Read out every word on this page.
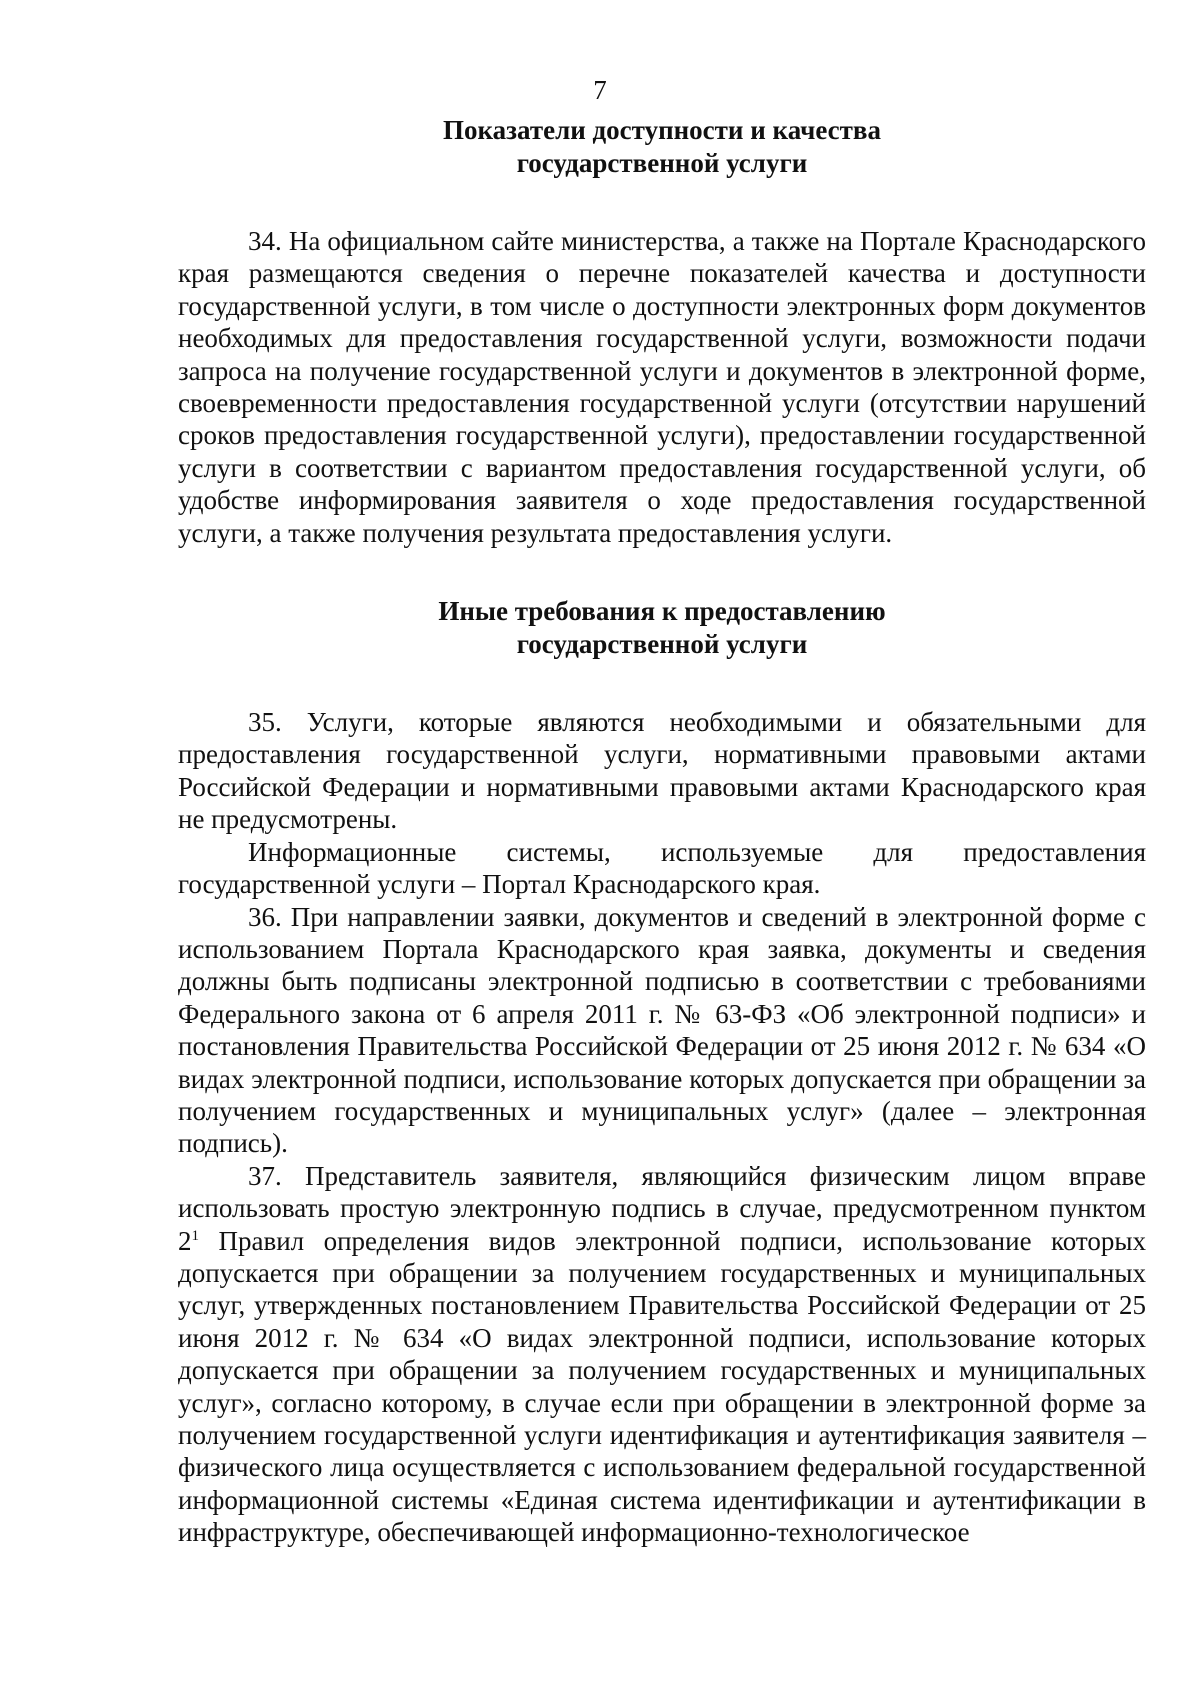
7
Показатели доступности и качества
государственной услуги

34. На официальном сайте министерства, а также на Портале Краснодарского края размещаются сведения о перечне показателей качества и доступности государственной услуги, в том числе о доступности электронных форм документов необходимых для предоставления государственной услуги, возможности подачи запроса на получение государственной услуги и документов в электронной форме, своевременности предоставления государственной услуги (отсутствии нарушений сроков предоставления государственной услуги), предоставлении государственной услуги в соответствии с вариантом предоставления государственной услуги, об удобстве информирования заявителя о ходе предоставления государственной услуги, а также получения результата предоставления услуги.

Иные требования к предоставлению
государственной услуги

35. Услуги, которые являются необходимыми и обязательными для предоставления государственной услуги, нормативными правовыми актами Российской Федерации и нормативными правовыми актами Краснодарского края не предусмотрены.

Информационные системы, используемые для предоставления государственной услуги – Портал Краснодарского края.

36. При направлении заявки, документов и сведений в электронной форме с использованием Портала Краснодарского края заявка, документы и сведения должны быть подписаны электронной подписью в соответствии с требованиями Федерального закона от 6 апреля 2011 г. № 63-ФЗ «Об электронной подписи» и постановления Правительства Российской Федерации от 25 июня 2012 г. № 634 «О видах электронной подписи, использование которых допускается при обращении за получением государственных и муниципальных услуг» (далее – электронная подпись).

37. Представитель заявителя, являющийся физическим лицом вправе использовать простую электронную подпись в случае, предусмотренном пунктом $2^1$ Правил определения видов электронной подписи, использование которых допускается при обращении за получением государственных и муниципальных услуг, утвержденных постановлением Правительства Российской Федерации от 25 июня 2012 г. № 634 «О видах электронной подписи, использование которых допускается при обращении за получением государственных и муниципальных услуг», согласно которому, в случае если при обращении в электронной форме за получением государственной услуги идентификация и аутентификация заявителя – физического лица осуществляется с использованием федеральной государственной информационной системы «Единая система идентификации и аутентификации в инфраструктуре, обеспечивающей информационно-технологическое
